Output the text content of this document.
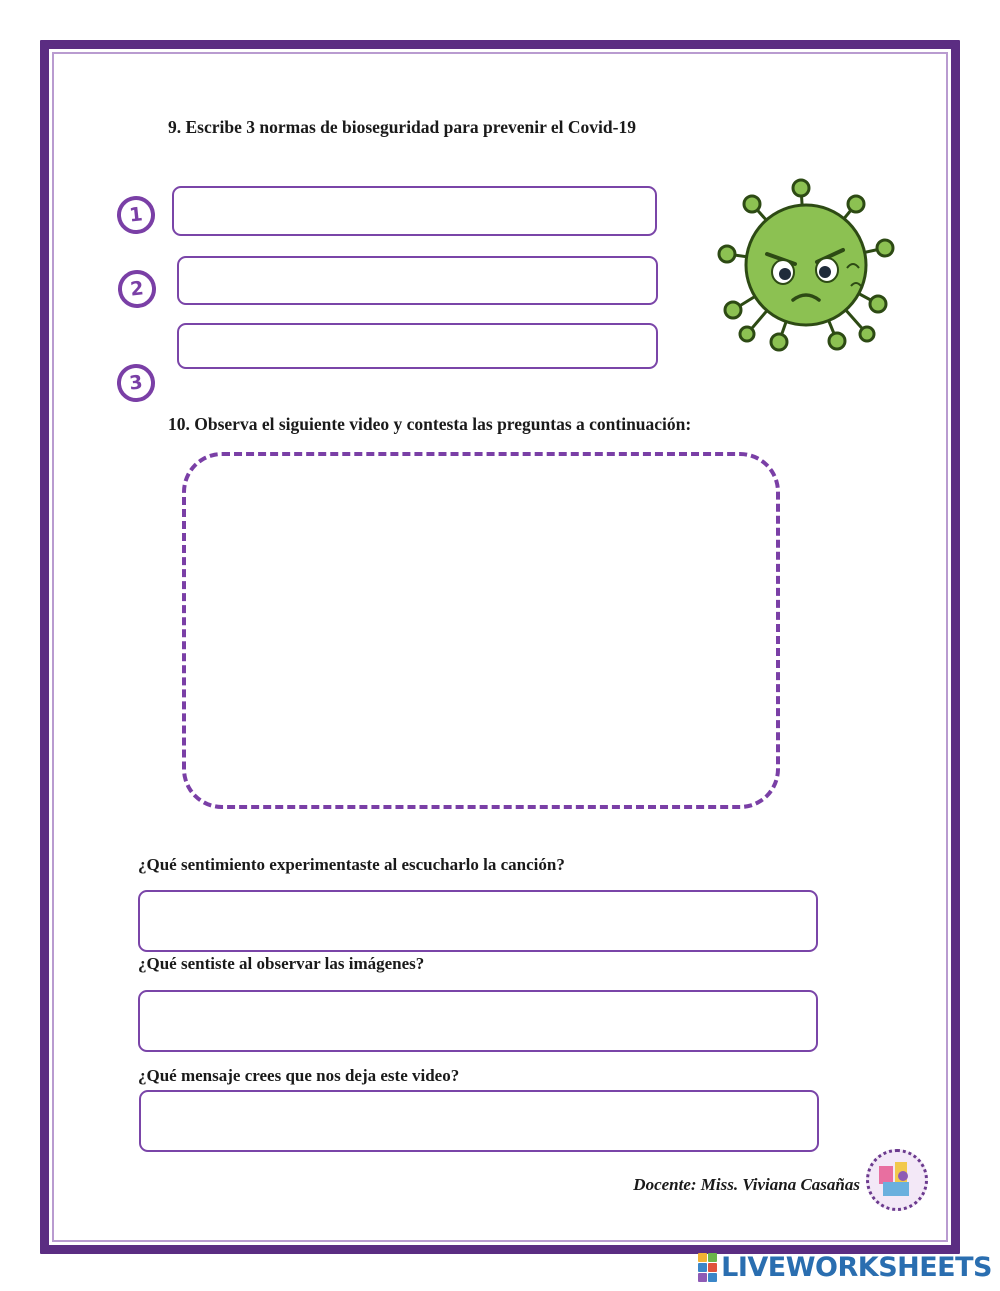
9. Escribe 3 normas de bioseguridad para prevenir el Covid-19
1
2
3
10. Observa el siguiente video y contesta las preguntas a continuación:
¿Qué sentimiento experimentaste al escucharlo la canción?
¿Qué sentiste al observar las imágenes?
¿Qué mensaje crees que nos deja este video?
Docente: Miss. Viviana Casañas
LIVEWORKSHEETS
